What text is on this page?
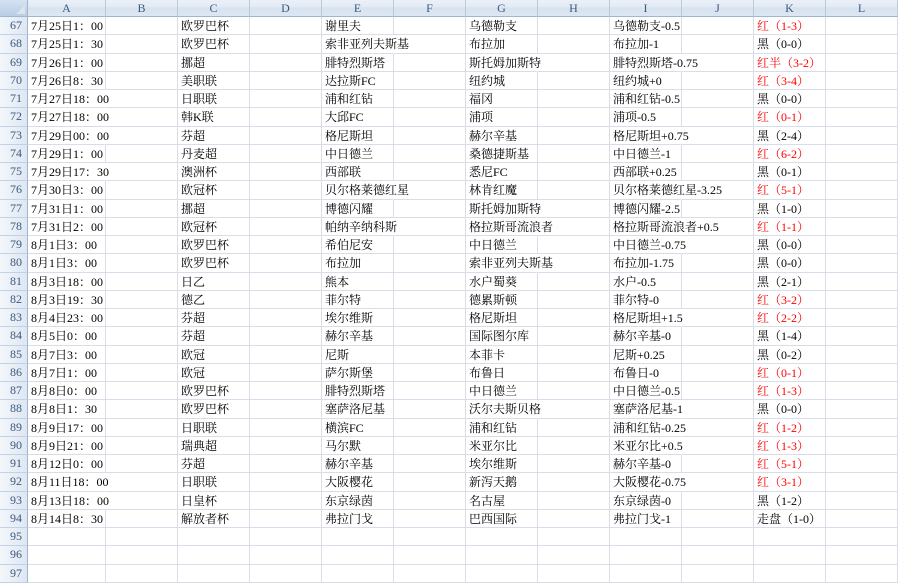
A	B	C	D	E	F	G	H	I	J	K	L
67 7月25日1：00	欧罗巴杯	谢里夫	乌德勒支	乌德勒支-0.5	红（1-3）
68 7月25日1：30	欧罗巴杯	索非亚列夫斯基	布拉加	布拉加-1	黑（0-0）
69 7月26日1：00	挪超	腓特烈斯塔	斯托姆加斯特	腓特烈斯塔-0.75	红半（3-2）
70 7月26日8：30	美职联	达拉斯FC	纽约城	纽约城+0	红（3-4）
71 7月27日18：00	日职联	浦和红钻	福冈	浦和红钻-0.5	黑（0-0）
72 7月27日18：00	韩K联	大邱FC	浦项	浦项-0.5	红（0-1）
73 7月29日00：00	芬超	格尼斯坦	赫尔辛基	格尼斯坦+0.75	黑（2-4）
74 7月29日1：00	丹麦超	中日德兰	桑德捷斯基	中日德兰-1	红（6-2）
75 7月29日17：30	澳洲杯	西部联	悉尼FC	西部联+0.25	黑（0-1）
76 7月30日3：00	欧冠杯	贝尔格莱德红星	林肯红魔	贝尔格莱德红星-3.25	红（5-1）
77 7月31日1：00	挪超	博德闪耀	斯托姆加斯特	博德闪耀-2.5	黑（1-0）
78 7月31日2：00	欧冠杯	帕纳辛纳科斯	格拉斯哥流浪者	格拉斯哥流浪者+0.5	红（1-1）
79 8月1日3：00	欧罗巴杯	希伯尼安	中日德兰	中日德兰-0.75	黑（0-0）
80 8月1日3：00	欧罗巴杯	布拉加	索非亚列夫斯基	布拉加-1.75	黑（0-0）
81 8月3日18：00	日乙	熊本	水户蜀葵	水户-0.5	黑（2-1）
82 8月3日19：30	德乙	菲尔特	德累斯顿	菲尔特-0	红（3-2）
83 8月4日23：00	芬超	埃尔维斯	格尼斯坦	格尼斯坦+1.5	红（2-2）
84 8月5日0：00	芬超	赫尔辛基	国际图尔库	赫尔辛基-0	黑（1-4）
85 8月7日3：00	欧冠	尼斯	本菲卡	尼斯+0.25	黑（0-2）
86 8月7日1：00	欧冠	萨尔斯堡	布鲁日	布鲁日-0	红（0-1）
87 8月8日0：00	欧罗巴杯	腓特烈斯塔	中日德兰	中日德兰-0.5	红（1-3）
88 8月8日1：30	欧罗巴杯	塞萨洛尼基	沃尔夫斯贝格	塞萨洛尼基-1	黑（0-0）
89 8月9日17：00	日职联	横滨FC	浦和红钻	浦和红钻-0.25	红（1-2）
90 8月9日21：00	瑞典超	马尔默	米亚尔比	米亚尔比+0.5	红（1-3）
91 8月12日0：00	芬超	赫尔辛基	埃尔维斯	赫尔辛基-0	红（5-1）
92 8月11日18：00	日职联	大阪樱花	新泻天鹅	大阪樱花-0.75	红（3-1）
93 8月13日18：00	日皇杯	东京绿茵	名古屋	东京绿茵-0	黑（1-2）
94 8月14日8：30	解放者杯	弗拉门戈	巴西国际	弗拉门戈-1	走盘（1-0）
95
96
97
